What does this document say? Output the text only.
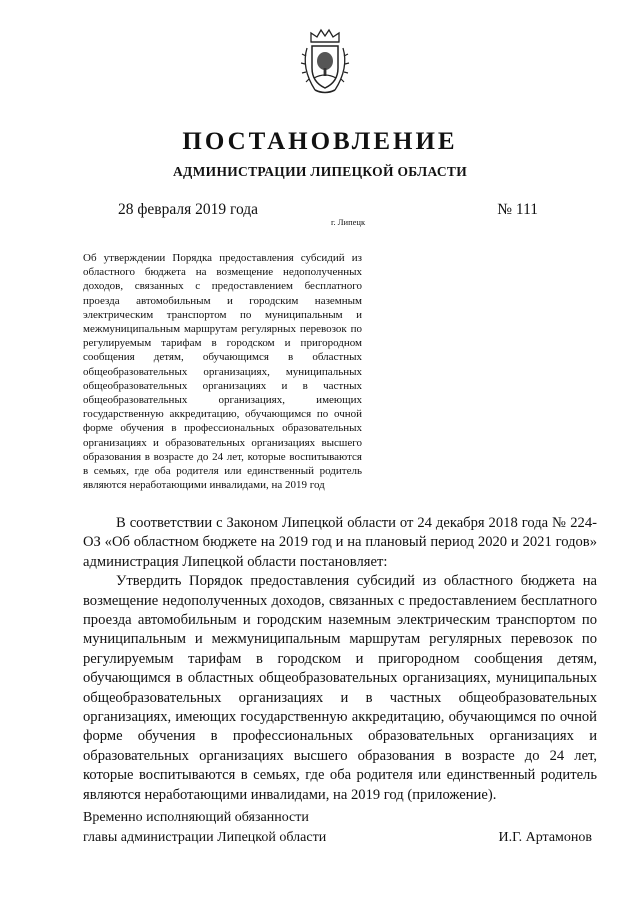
ПОСТАНОВЛЕНИЕ
АДМИНИСТРАЦИИ ЛИПЕЦКОЙ ОБЛАСТИ
28 февраля 2019 года
г. Липецк
№ 111
Об утверждении Порядка предоставления субсидий из областного бюджета на возмещение недополученных доходов, связанных с предоставлением бесплатного проезда автомобильным и городским наземным электрическим транспортом по муниципальным и межмуниципальным маршрутам регулярных перевозок по регулируемым тарифам в городском и пригородном сообщения детям, обучающимся в областных общеобразовательных организациях, муниципальных общеобразовательных организациях и в частных общеобразовательных организациях, имеющих государственную аккредитацию, обучающимся по очной форме обучения в профессиональных образовательных организациях и образовательных организациях высшего образования в возрасте до 24 лет, которые воспитываются в семьях, где оба родителя или единственный родитель являются неработающими инвалидами, на 2019 год

В соответствии с Законом Липецкой области от 24 декабря 2018 года № 224-ОЗ «Об областном бюджете на 2019 год и на плановый период 2020 и 2021 годов» администрация Липецкой области постановляет:

Утвердить Порядок предоставления субсидий из областного бюджета на возмещение недополученных доходов, связанных с предоставлением бесплатного проезда автомобильным и городским наземным электрическим транспортом по муниципальным и межмуниципальным маршрутам регулярных перевозок по регулируемым тарифам в городском и пригородном сообщения детям, обучающимся в областных общеобразовательных организациях, муниципальных общеобразовательных организациях и в частных общеобразовательных организациях, имеющих государственную аккредитацию, обучающимся по очной форме обучения в профессиональных образовательных организациях и образовательных организациях высшего образования в возрасте до 24 лет, которые воспитываются в семьях, где оба родителя или единственный родитель являются неработающими инвалидами, на 2019 год (приложение).

Временно исполняющий обязанности
главы администрации Липецкой области	И.Г. Артамонов
